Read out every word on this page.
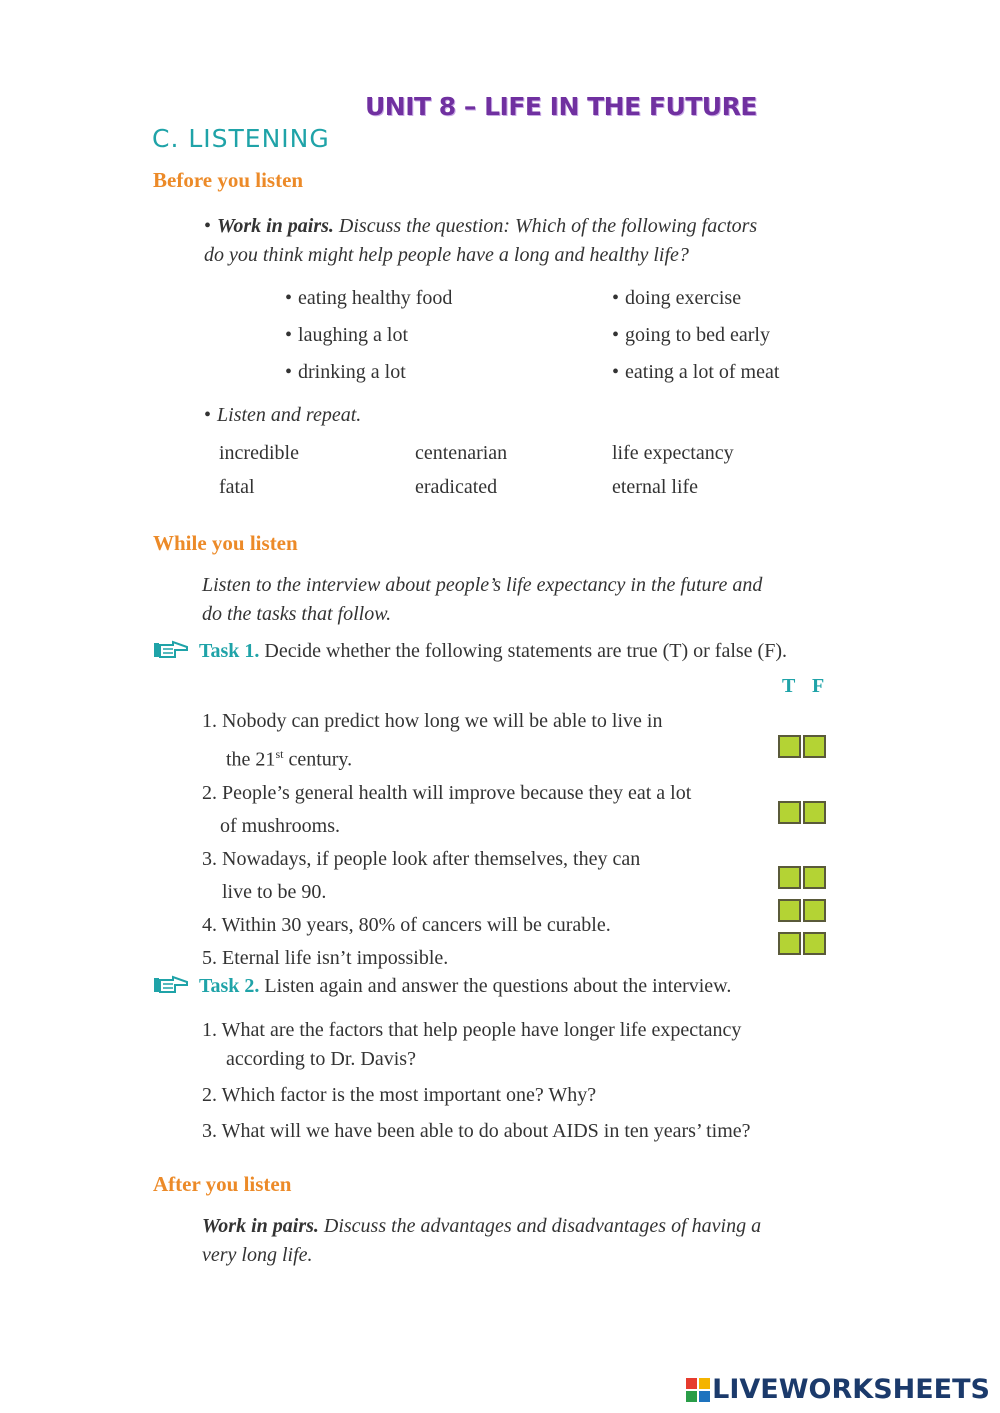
UNIT 8 – LIFE IN THE FUTURE
C. LISTENING
Before you listen
• Work in pairs. Discuss the question: Which of the following factors
do you think might help people have a long and healthy life?
• eating healthy food
• laughing a lot
• drinking a lot
• doing exercise
• going to bed early
• eating a lot of meat
• Listen and repeat.
incredible
fatal
centenarian
eradicated
life expectancy
eternal life
While you listen
Listen to the interview about people’s life expectancy in the future and
do the tasks that follow.
Task 1. Decide whether the following statements are true (T) or false (F).
T F
1. Nobody can predict how long we will be able to live in
the 21st century.
2. People’s general health will improve because they eat a lot
of mushrooms.
3. Nowadays, if people look after themselves, they can
live to be 90.
4. Within 30 years, 80% of cancers will be curable.
5. Eternal life isn’t impossible.
Task 2. Listen again and answer the questions about the interview.
1. What are the factors that help people have longer life expectancy
according to Dr. Davis?
2. Which factor is the most important one? Why?
3. What will we have been able to do about AIDS in ten years’ time?
After you listen
Work in pairs. Discuss the advantages and disadvantages of having a
very long life.
LIVEWORKSHEETS
